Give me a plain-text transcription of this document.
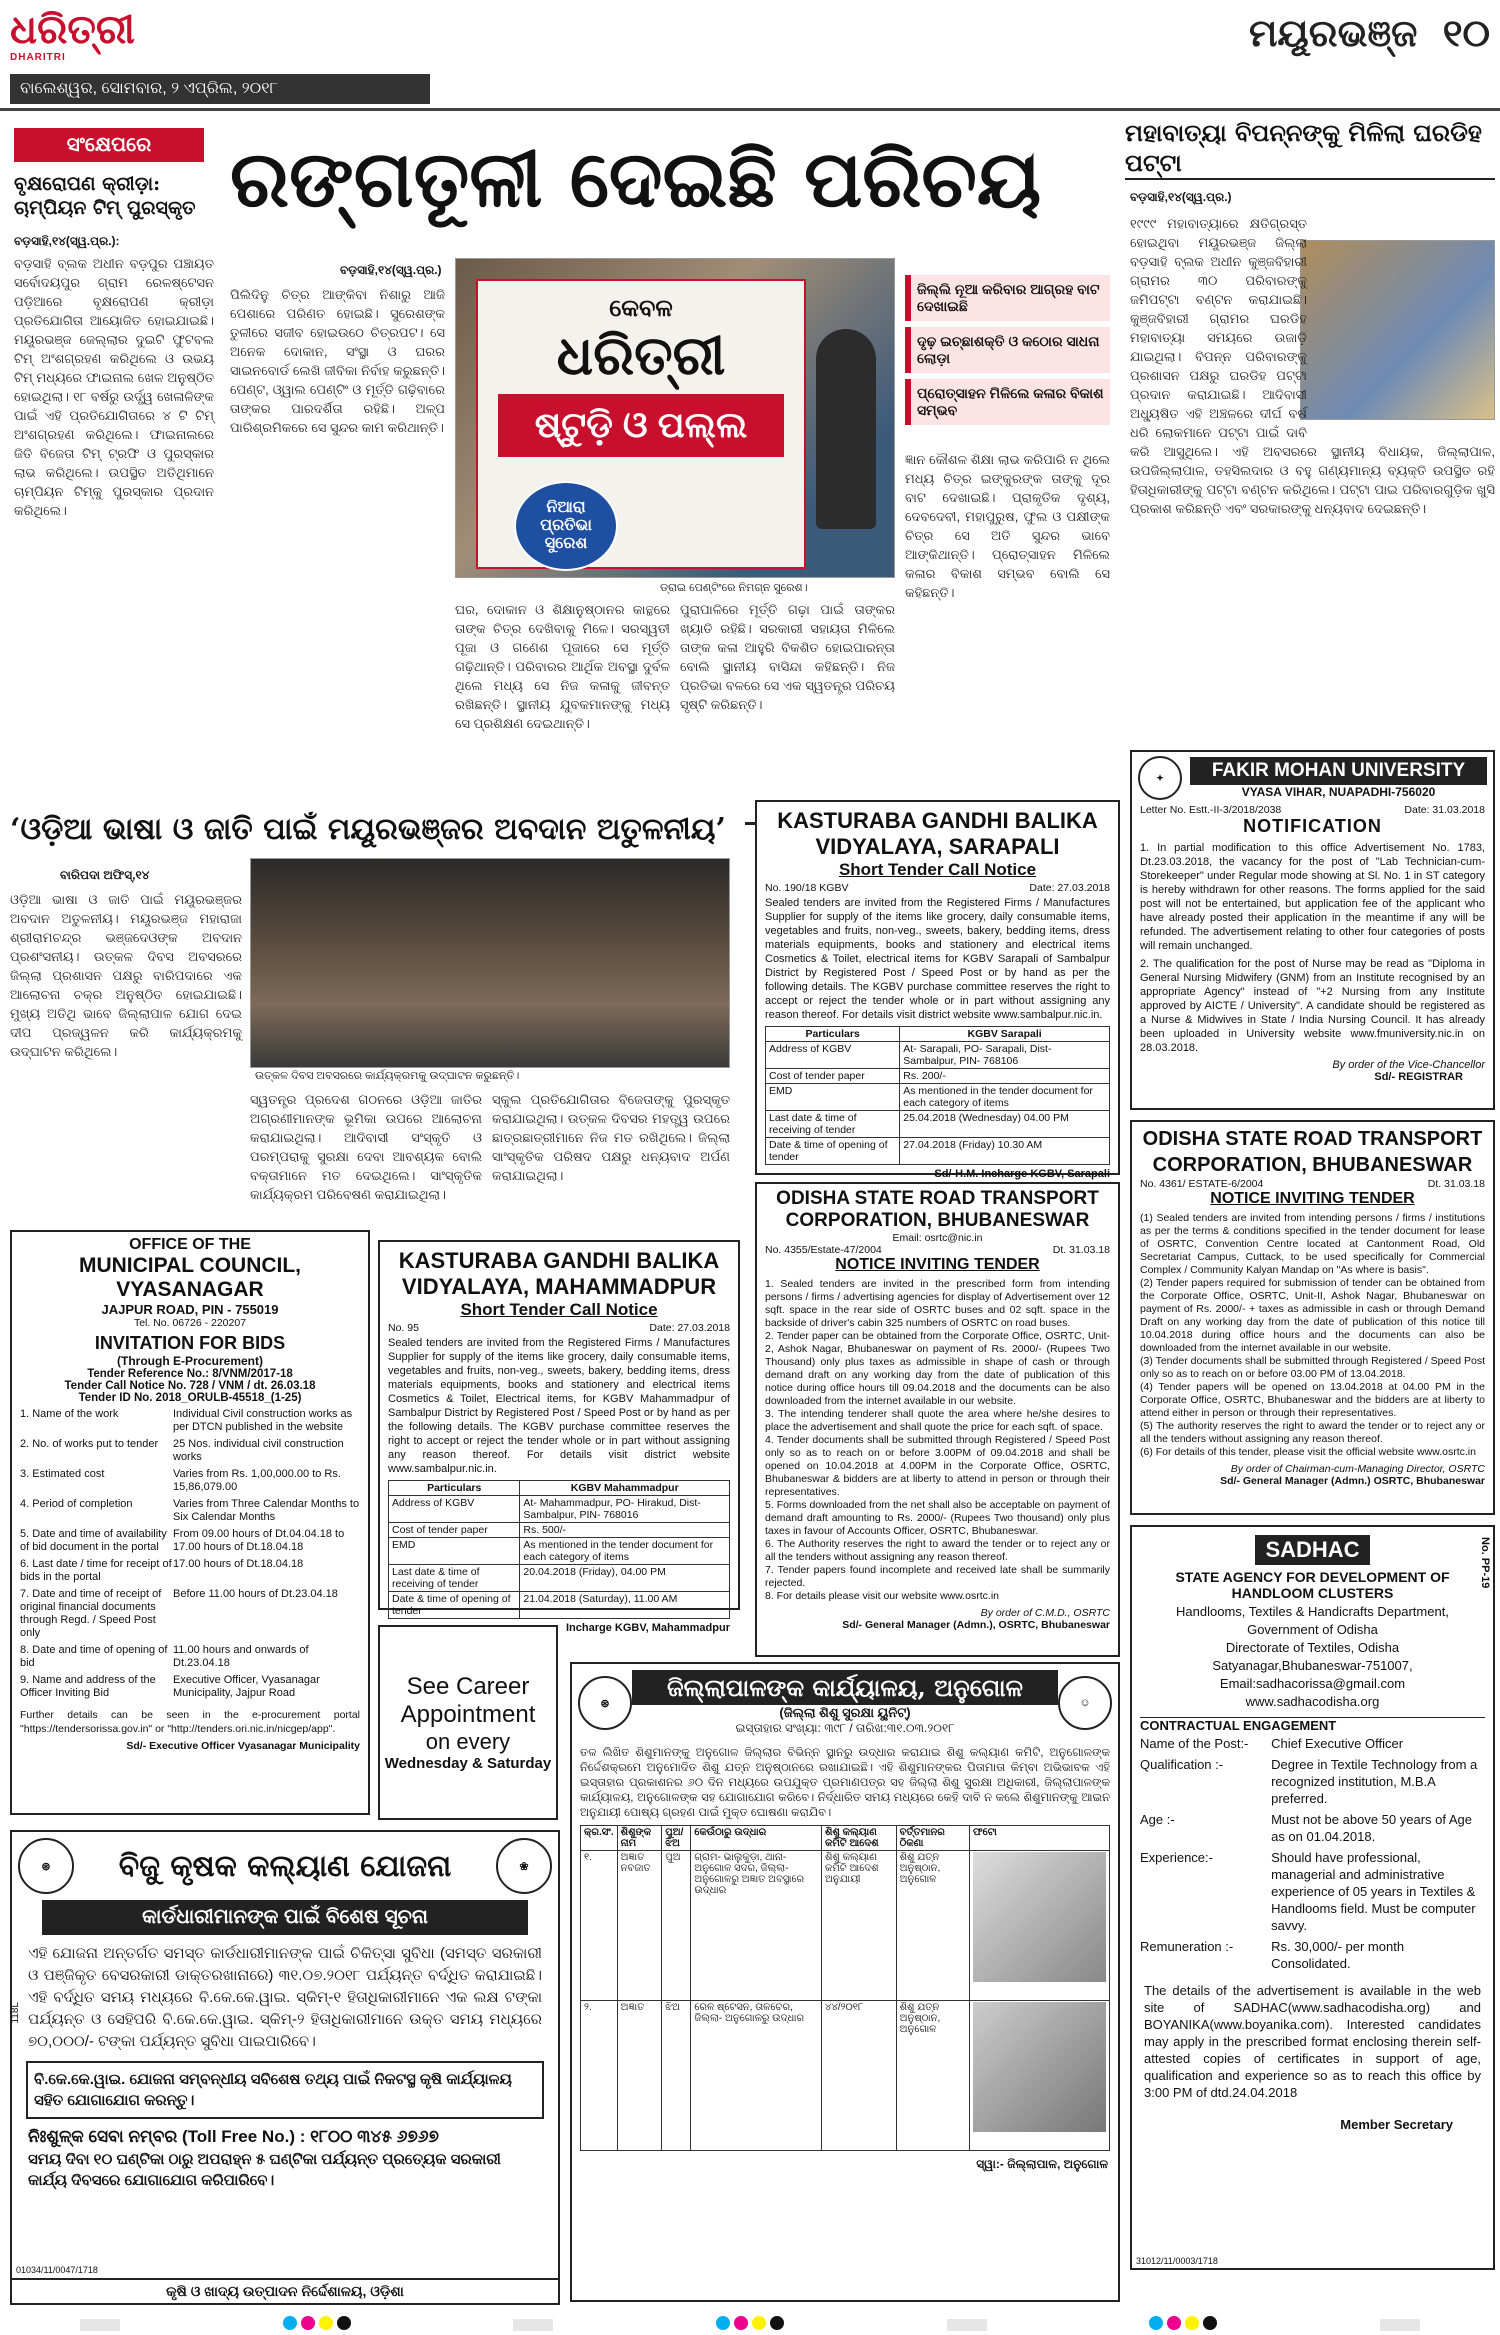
ଧରିତ୍ରୀ
DHARITRI
ବାଲେଶ୍ୱର, ସୋମବାର, ୨ ଏପ୍ରିଲ, ୨୦୧୮
ମୟୂରଭଞ୍ଜ ୧୦
ସଂକ୍ଷେପରେ
ବୃକ୍ଷରୋପଣ କ୍ରୀଡ଼ା: ଚାମ୍ପିୟନ ଟିମ୍ ପୁରସ୍କୃତ
ବଡ଼ସାହି,୧୪(ସ୍ୱ.ପ୍ର.):
ବଡ଼ସାହି ବ୍ଲକ ଅଧୀନ ବଡ଼ପୁର ପଞ୍ଚାୟତ ସର୍ବୋଦୟପୁର ଗ୍ରାମ ରେଳଷ୍ଟେସନ ପଡ଼ିଆରେ ବୃକ୍ଷରୋପଣ କ୍ରୀଡ଼ା ପ୍ରତିଯୋଗିତା ଆୟୋଜିତ ହୋଇଯାଇଛି। ମୟୂରଭଞ୍ଜ ଜେଲ୍ଲାର ଦୁଇଟି ଫୁଟବଲ ଟିମ୍ ଅଂଶଗ୍ରହଣ କରିଥିଲେ ଓ ଉଭୟ ଟିମ୍ ମଧ୍ୟରେ ଫାଇନାଲ ଖେଳ ଅନୁଷ୍ଠିତ ହୋଇଥିଲା। ୧୮ ବର୍ଷରୁ ଉର୍ଦ୍ଧ୍ୱ ଖେଳାଳିଙ୍କ ପାଇଁ ଏହି ପ୍ରତିଯୋଗିତାରେ ୪ ଟି ଟିମ୍ ଅଂଶଗ୍ରହଣ କରିଥିଲେ। ଫାଇନାଲରେ ଜିତି ବିଜେତା ଟିମ୍ ଟ୍ରଫି ଓ ପୁରସ୍କାର ଲାଭ କରିଥିଲେ। ଉପସ୍ଥିତ ଅତିଥିମାନେ ଚାମ୍ପିୟନ ଟିମ୍‌କୁ ପୁରସ୍କାର ପ୍ରଦାନ କରିଥିଲେ।
ରଙ୍ଗତୂଳୀ ଦେଇଛି ପରିଚୟ
ବଡ଼ସାହି,୧୪(ସ୍ୱ.ପ୍ର.)
ପିଲିଦିନୁ ଚିତ୍ର ଆଙ୍କିବା ନିଶାରୁ ଆଜି ପେଶାରେ ପରିଣତ ହୋଇଛି। ସୁରେଶଙ୍କ ତୁଳୀରେ ସଜୀବ ହୋଇଉଠେ ଚିତ୍ରପଟ। ସେ ଅନେକ ଦୋକାନ, ସଂସ୍ଥା ଓ ଘରର ସାଇନବୋର୍ଡ ଲେଖି ଜୀବିକା ନିର୍ବାହ କରୁଛନ୍ତି। ପେଣ୍ଟ, ଓ୍ୱାଲ ପେଣ୍ଟିଂ ଓ ମୂର୍ତ୍ତି ଗଢ଼ିବାରେ ତାଙ୍କର ପାରଦର୍ଶିତା ରହିଛି। ଅଳ୍ପ ପାରିଶ୍ରମିକରେ ସେ ସୁନ୍ଦର କାମ କରିଥାନ୍ତି।
କେବଳ
ଧରିତ୍ରୀ
ଷ୍ଟୁଡ଼ି ଓ ପଲ୍ଲ
ନିଆରା
ପ୍ରତିଭା
ସୁରେଶ
ଡ୍ରାଇ ପେଣ୍ଟିଂରେ ନିମଗ୍ନ ସୁରେଶ।
ଜିଲ୍ଲି ନୂଆ କରିବାର ଆଗ୍ରହ ବାଟ ଦେଖାଇଛି
ଦୃଢ଼ ଇଚ୍ଛାଶକ୍ତି ଓ କଠୋର ସାଧନା ଲୋଡ଼ା
ପ୍ରୋତ୍ସାହନ ମିଳିଲେ କଳାର ବିକାଶ ସମ୍ଭବ
ଜ୍ଞାନ କୌଶଳ ଶିକ୍ଷା ଲାଭ କରିପାରି ନ ଥିଲେ ମଧ୍ୟ ଚିତ୍ର ଇଙ୍କୁରଙ୍କ ତାଙ୍କୁ ଦୂର ବାଟ ଦେଖାଇଛି। ପ୍ରାକୃତିକ ଦୃଶ୍ୟ, ଦେବଦେବୀ, ମହାପୁରୁଷ, ଫୁଲ ଓ ପକ୍ଷୀଙ୍କ ଚିତ୍ର ସେ ଅତି ସୁନ୍ଦର ଭାବେ ଆଙ୍କିଥାନ୍ତି। ପ୍ରୋତ୍ସାହନ ମିଳିଲେ କଳାର ବିକାଶ ସମ୍ଭବ ବୋଲି ସେ କହିଛନ୍ତି।
ଘର, ଦୋକାନ ଓ ଶିକ୍ଷାନୁଷ୍ଠାନର କାନ୍ଥରେ ତାଙ୍କ ଚିତ୍ର ଦେଖିବାକୁ ମିଳେ। ସରସ୍ୱତୀ ପୂଜା ଓ ଗଣେଶ ପୂଜାରେ ସେ ମୂର୍ତ୍ତି ଗଢ଼ିଥାନ୍ତି। ପରିବାରର ଆର୍ଥିକ ଅବସ୍ଥା ଦୁର୍ବଳ ଥିଲେ ମଧ୍ୟ ସେ ନିଜ କଳାକୁ ଜୀବନ୍ତ ରଖିଛନ୍ତି। ସ୍ଥାନୀୟ ଯୁବକମାନଙ୍କୁ ମଧ୍ୟ ସେ ପ୍ରଶିକ୍ଷଣ ଦେଇଥାନ୍ତି।
ପୁରାପାଳିରେ ମୂର୍ତ୍ତି ଗଢ଼ା ପାଇଁ ତାଙ୍କର ଖ୍ୟାତି ରହିଛି। ସରକାରୀ ସହାୟତା ମିଳିଲେ ତାଙ୍କ କଳା ଆହୁରି ବିକଶିତ ହୋଇପାରନ୍ତା ବୋଲି ସ୍ଥାନୀୟ ବାସିନ୍ଦା କହିଛନ୍ତି। ନିଜ ପ୍ରତିଭା ବଳରେ ସେ ଏକ ସ୍ୱତନ୍ତ୍ର ପରିଚୟ ସୃଷ୍ଟି କରିଛନ୍ତି।
ମହାବାତ୍ୟା ବିପନ୍ନଙ୍କୁ ମିଳିଲା ଘରଡିହ ପଟ୍ଟା
ବଡ଼ସାହି,୧୪(ସ୍ୱ.ପ୍ର.)
୧୯୯୯ ମହାବାତ୍ୟାରେ କ୍ଷତିଗ୍ରସ୍ତ ହୋଇଥିବା ମୟୂରଭଞ୍ଜ ଜିଲ୍ଲା ବଡ଼ସାହି ବ୍ଲକ ଅଧୀନ କୁଞ୍ଜବିହାରୀ ଗ୍ରାମର ୩୦ ପରିବାରଙ୍କୁ ଜମିପଟ୍ଟା ବଣ୍ଟନ କରାଯାଇଛି। କୁଞ୍ଜବିହାରୀ ଗ୍ରାମର ଘରଡିହ ମହାବାତ୍ୟା ସମୟରେ ଉଜାଡ଼ି ଯାଇଥିଲା। ବିପନ୍ନ ପରିବାରଙ୍କୁ ପ୍ରଶାସନ ପକ୍ଷରୁ ଘରଡିହ ପଟ୍ଟା ପ୍ରଦାନ କରାଯାଇଛି। ଆଦିବାସୀ ଅଧ୍ୟୁଷିତ ଏହି ଅଞ୍ଚଳରେ ଦୀର୍ଘ ବର୍ଷ ଧରି ଲୋକମାନେ ପଟ୍ଟା ପାଇଁ ଦାବି କରି ଆସୁଥିଲେ। ଏହି ଅବସରରେ ସ୍ଥାନୀୟ ବିଧାୟକ, ଜିଲ୍ଲାପାଳ, ଉପଜିଲ୍ଲାପାଳ, ତହସିଲଦାର ଓ ବହୁ ଗଣ୍ୟମାନ୍ୟ ବ୍ୟକ୍ତି ଉପସ୍ଥିତ ରହି ହିତାଧିକାରୀଙ୍କୁ ପଟ୍ଟା ବଣ୍ଟନ କରିଥିଲେ। ପଟ୍ଟା ପାଇ ପରିବାରଗୁଡ଼ିକ ଖୁସି ପ୍ରକାଶ କରିଛନ୍ତି ଏବଂ ସରକାରଙ୍କୁ ଧନ୍ୟବାଦ ଦେଇଛନ୍ତି।
‘ଓଡ଼ିଆ ଭାଷା ଓ ଜାତି ପାଇଁ ମୟୂରଭଞ୍ଜର ଅବଦାନ ଅତୁଳନୀୟ’
ବାରିପଦା ଅଫିସ୍,୧୪
ଉତ୍କଳ ଦିବସ ଅବସରରେ କାର୍ଯ୍ୟକ୍ରମକୁ ଉଦ୍‌ଘାଟନ କରୁଛନ୍ତି।
ଓଡ଼ିଆ ଭାଷା ଓ ଜାତି ପାଇଁ ମୟୂରଭଞ୍ଜର ଅବଦାନ ଅତୁଳନୀୟ। ମୟୂରଭଞ୍ଜ ମହାରାଜା ଶ୍ରୀରାମଚନ୍ଦ୍ର ଭଞ୍ଜଦେଓଙ୍କ ଅବଦାନ ପ୍ରଶଂସନୀୟ। ଉତ୍କଳ ଦିବସ ଅବସରରେ ଜିଲ୍ଲା ପ୍ରଶାସନ ପକ୍ଷରୁ ବାରିପଦାରେ ଏକ ଆଲୋଚନା ଚକ୍ର ଅନୁଷ୍ଠିତ ହୋଇଯାଇଛି। ମୁଖ୍ୟ ଅତିଥି ଭାବେ ଜିଲ୍ଲାପାଳ ଯୋଗ ଦେଇ ଦୀପ ପ୍ରଜ୍ୱଳନ କରି କାର୍ଯ୍ୟକ୍ରମକୁ ଉଦ୍‌ଘାଟନ କରିଥିଲେ।
ସ୍ୱତନ୍ତ୍ର ପ୍ରଦେଶ ଗଠନରେ ଓଡ଼ିଆ ଜାତିର ଅଗ୍ରଣୀମାନଙ୍କ ଭୂମିକା ଉପରେ ଆଲୋଚନା କରାଯାଇଥିଲା। ଆଦିବାସୀ ସଂସ୍କୃତି ଓ ପରମ୍ପରାକୁ ସୁରକ୍ଷା ଦେବା ଆବଶ୍ୟକ ବୋଲି ବକ୍ତାମାନେ ମତ ଦେଇଥିଲେ। ସାଂସ୍କୃତିକ କାର୍ଯ୍ୟକ୍ରମ ପରିବେଷଣ କରାଯାଇଥିଲା।
ସ୍କୁଲ ପ୍ରତିଯୋଗିତାର ବିଜେତାଙ୍କୁ ପୁରସ୍କୃତ କରାଯାଇଥିଲା। ଉତ୍କଳ ଦିବସର ମହତ୍ତ୍ୱ ଉପରେ ଛାତ୍ରଛାତ୍ରୀମାନେ ନିଜ ମତ ରଖିଥିଲେ। ଜିଲ୍ଲା ସାଂସ୍କୃତିକ ପରିଷଦ ପକ୍ଷରୁ ଧନ୍ୟବାଦ ଅର୍ପଣ କରାଯାଇଥିଲା।
KASTURABA GANDHI BALIKA VIDYALAYA, SARAPALI
Short Tender Call Notice
No. 190/18 KGBV	Date: 27.03.2018
Sealed tenders are invited from the Registered Firms / Manufactures Supplier for supply of the items like grocery, daily consumable items, vegetables and fruits, non-veg., sweets, bakery, bedding items, dress materials equipments, books and stationery and electrical items Cosmetics & Toilet, electrical items for KGBV Sarapali of Sambalpur District by Registered Post / Speed Post or by hand as per the following details. The KGBV purchase committee reserves the right to accept or reject the tender whole or in part without assigning any reason thereof. For details visit district website www.sambalpur.nic.in.
Particulars	KGBV Sarapali
Address of KGBV	At- Sarapali, PO- Sarapali, Dist- Sambalpur, PIN- 768106
Cost of tender paper	Rs. 200/-
EMD	As mentioned in the tender document for each category of items
Last date & time of receiving of tender	25.04.2018 (Wednesday) 04.00 PM
Date & time of opening of tender	27.04.2018 (Friday) 10.30 AM
Sd/-H.M. Incharge KGBV, Sarapali
✦	FAKIR MOHAN UNIVERSITY
VYASA VIHAR, NUAPADHI-756020
Letter No. Estt.-II-3/2018/2038	Date: 31.03.2018
NOTIFICATION
1. In partial modification to this office Advertisement No. 1783, Dt.23.03.2018, the vacancy for the post of "Lab Technician-cum-Storekeeper" under Regular mode showing at Sl. No. 1 in ST category is hereby withdrawn for other reasons. The forms applied for the said post will not be entertained, but application fee of the applicant who have already posted their application in the meantime if any will be refunded. The advertisement relating to other four categories of posts will remain unchanged.
2. The qualification for the post of Nurse may be read as "Diploma in General Nursing Midwifery (GNM) from an Institute recognised by an appropriate Agency" instead of "+2 Nursing from any Institute approved by AICTE / University". A candidate should be registered as a Nurse & Midwives in State / India Nursing Council. It has already been uploaded in University website www.fmuniversity.nic.in on 28.03.2018.
By order of the Vice-Chancellor
Sd/- REGISTRAR
ODISHA STATE ROAD TRANSPORT CORPORATION, BHUBANESWAR
No. 4361/ ESTATE-6/2004	Dt. 31.03.18
NOTICE INVITING TENDER
(1) Sealed tenders are invited from intending persons / firms / institutions as per the terms & conditions specified in the tender document for lease of OSRTC, Convention Centre located at Cantonment Road, Old Secretariat Campus, Cuttack, to be used specifically for Commercial Complex / Community Kalyan Mandap on "As where is basis".
(2) Tender papers required for submission of tender can be obtained from the Corporate Office, OSRTC, Unit-II, Ashok Nagar, Bhubaneswar on payment of Rs. 2000/- + taxes as admissible in cash or through Demand Draft on any working day from the date of publication of this notice till 10.04.2018 during office hours and the documents can also be downloaded from the internet available in our website.
(3) Tender documents shall be submitted through Registered / Speed Post only so as to reach on or before 03.00 PM of 13.04.2018.
(4) Tender papers will be opened on 13.04.2018 at 04.00 PM in the Corporate Office, OSRTC, Bhubaneswar and the bidders are at liberty to attend either in person or through their representatives.
(5) The authority reserves the right to award the tender or to reject any or all the tenders without assigning any reason thereof.
(6) For details of this tender, please visit the official website www.osrtc.in
By order of Chairman-cum-Managing Director, OSRTC
Sd/- General Manager (Admn.) OSRTC, Bhubaneswar
OFFICE OF THE
MUNICIPAL COUNCIL, VYASANAGAR
JAJPUR ROAD, PIN - 755019
Tel. No. 06726 - 220207
INVITATION FOR BIDS
(Through E-Procurement)
Tender Reference No.: 8/VNM/2017-18
Tender Call Notice No. 728 / VNM / dt. 26.03.18
Tender ID No. 2018_ORULB-45518_(1-25)
1. Name of the work	Individual Civil construction works as per DTCN published in the website
2. No. of works put to tender	25 Nos. individual civil construction works
3. Estimated cost	Varies from Rs. 1,00,000.00 to Rs. 15,86,079.00
4. Period of completion	Varies from Three Calendar Months to Six Calendar Months
5. Date and time of availability of bid document in the portal
From 09.00 hours of Dt.04.04.18 to 17.00 hours of Dt.18.04.18
6. Last date / time for receipt of bids in the portal
17.00 hours of Dt.18.04.18
7. Date and time of receipt of original financial documents through Regd. / Speed Post only
Before 11.00 hours of Dt.23.04.18
8. Date and time of opening of bid
11.00 hours and onwards of Dt.23.04.18
9. Name and address of the Officer Inviting Bid
Executive Officer, Vyasanagar Municipality, Jajpur Road
Further details can be seen in the e-procurement portal "https://tendersorissa.gov.in" or "http://tenders.ori.nic.in/nicgep/app".
Sd/- Executive Officer Vyasanagar Municipality
KASTURABA GANDHI BALIKA VIDYALAYA, MAHAMMADPUR
Short Tender Call Notice
No. 95	Date: 27.03.2018
Sealed tenders are invited from the Registered Firms / Manufactures Supplier for supply of the items like grocery, daily consumable items, vegetables and fruits, non-veg., sweets, bakery, bedding items, dress materials equipments, books and stationery and electrical items Cosmetics & Toilet, Electrical items, for KGBV Mahammadpur of Sambalpur District by Registered Post / Speed Post or by hand as per the following details. The KGBV purchase committee reserves the right to accept or reject the tender whole or in part without assigning any reason thereof. For details visit district website www.sambalpur.nic.in.
Particulars	KGBV Mahammadpur
Address of KGBV	At- Mahammadpur, PO- Hirakud, Dist- Sambalpur, PIN- 768016
Cost of tender paper	Rs. 500/-
EMD	As mentioned in the tender document for each category of items
Last date & time of receiving of tender	20.04.2018 (Friday), 04.00 PM
Date & time of opening of tender	21.04.2018 (Saturday), 11.00 AM
Incharge KGBV, Mahammadpur
ODISHA STATE ROAD TRANSPORT CORPORATION, BHUBANESWAR
Email: osrtc@nic.in
No. 4355/Estate-47/2004	Dt. 31.03.18
NOTICE INVITING TENDER
1. Sealed tenders are invited in the prescribed form from intending persons / firms / advertising agencies for display of Advertisement over 12 sqft. space in the rear side of OSRTC buses and 02 sqft. space in the backside of driver's cabin 325 numbers of OSRTC on road buses.
2. Tender paper can be obtained from the Corporate Office, OSRTC, Unit-2, Ashok Nagar, Bhubaneswar on payment of Rs. 2000/- (Rupees Two Thousand) only plus taxes as admissible in shape of cash or through demand draft on any working day from the date of publication of this notice during office hours till 09.04.2018 and the documents can be also downloaded from the internet available in our website.
3. The intending tenderer shall quote the area where he/she desires to place the advertisement and shall quote the price for each sqft. of space.
4. Tender documents shall be submitted through Registered / Speed Post only so as to reach on or before 3.00PM of 09.04.2018 and shall be opened on 10.04.2018 at 4.00PM in the Corporate Office, OSRTC, Bhubaneswar & bidders are at liberty to attend in person or through their representatives.
5. Forms downloaded from the net shall also be acceptable on payment of demand draft amounting to Rs. 2000/- (Rupees Two thousand) only plus taxes in favour of Accounts Officer, OSRTC, Bhubaneswar.
6. The Authority reserves the right to award the tender or to reject any or all the tenders without assigning any reason thereof.
7. Tender papers found incomplete and received late shall be summarily rejected.
8. For details please visit our website www.osrtc.in
By order of C.M.D., OSRTC
Sd/- General Manager (Admn.), OSRTC, Bhubaneswar
See Career
Appointment
on every
Wednesday & Saturday
⊛
ଜିଲ୍ଲାପାଳଙ୍କ କାର୍ଯ୍ୟାଳୟ, ଅନୁଗୋଳ
(ଜିଲ୍ଲା ଶିଶୁ ସୁରକ୍ଷା ୟୁନିଟ୍)
ଇସ୍ତାହାର ସଂଖ୍ୟା: ୩୯୮ / ତାରିଖ:୩୧.୦୩.୨୦୧୮
☺
ତଳ ଲିଖିତ ଶିଶୁମାନଙ୍କୁ ଅନୁଗୋଳ ଜିଲ୍ଲାର ବିଭିନ୍ନ ସ୍ଥାନରୁ ଉଦ୍ଧାର କରାଯାଇ ଶିଶୁ କଲ୍ୟାଣ କମିଟି, ଅନୁଗୋଳଙ୍କ ନିର୍ଦ୍ଦେଶକ୍ରମେ ଅନୁମୋଦିତ ଶିଶୁ ଯତ୍ନ ଅନୁଷ୍ଠାନରେ ରଖାଯାଇଛି। ଏହି ଶିଶୁମାନଙ୍କର ପିତାମାତା କିମ୍ବା ଅଭିଭାବକ ଏହି ଇସ୍ତାହାର ପ୍ରକାଶନର ୬୦ ଦିନ ମଧ୍ୟରେ ଉପଯୁକ୍ତ ପ୍ରମାଣପତ୍ର ସହ ଜିଲ୍ଲା ଶିଶୁ ସୁରକ୍ଷା ଅଧିକାରୀ, ଜିଲ୍ଲାପାଳଙ୍କ କାର୍ଯ୍ୟାଳୟ, ଅନୁଗୋଳଙ୍କ ସହ ଯୋଗାଯୋଗ କରିବେ। ନିର୍ଦ୍ଧାରିତ ସମୟ ମଧ୍ୟରେ କେହି ଦାବି ନ କଲେ ଶିଶୁମାନଙ୍କୁ ଆଇନ ଅନୁଯାୟୀ ପୋଷ୍ୟ ଗ୍ରହଣ ପାଇଁ ମୁକ୍ତ ଘୋଷଣା କରାଯିବ।
କ୍ର.ସଂ.	ଶିଶୁଙ୍କ ନାମ	ପୁଅ/ଝିଅ	କେଉଁଠାରୁ ଉଦ୍ଧାର	ଶିଶୁ କଲ୍ୟାଣ କମିଟି ଆଦେଶ	ବର୍ତ୍ତମାନର ଠିକଣା	ଫଟୋ
୧.	ଅଜ୍ଞାତ ନବଜାତ	ପୁଅ	ଗ୍ରାମ- ଭାଲୁକୁଡ଼ା, ଥାନା- ଅନୁଗୋଳ ସଦର, ଜିଲ୍ଲା- ଅନୁଗୋଳରୁ ଅଜ୍ଞାତ ଅବସ୍ଥାରେ ଉଦ୍ଧାର	ଶିଶୁ କଲ୍ୟାଣ କମିଟି ଆଦେଶ ଅନୁଯାୟୀ	ଶିଶୁ ଯତ୍ନ ଅନୁଷ୍ଠାନ, ଅନୁଗୋଳ	

୨.	ଅଜ୍ଞାତ	ଝିଅ	ରେଳ ଷ୍ଟେସନ, ତାଳଚେର, ଜିଲ୍ଲା- ଅନୁଗୋଳରୁ ଉଦ୍ଧାର	୪୪/୨୦୧୮	ଶିଶୁ ଯତ୍ନ ଅନୁଷ୍ଠାନ, ଅନୁଗୋଳ	
ସ୍ୱା:- ଜିଲ୍ଲାପାଳ, ଅନୁଗୋଳ
⊛	ବିଜୁ କୃଷକ କଲ୍ୟାଣ ଯୋଜନା	❀
କାର୍ଡଧାରୀମାନଙ୍କ ପାଇଁ ବିଶେଷ ସୂଚନା
ଏହି ଯୋଜନା ଅନ୍ତର୍ଗତ ସମସ୍ତ କାର୍ଡଧାରୀମାନଙ୍କ ପାଇଁ ଚିକିତ୍ସା ସୁବିଧା (ସମସ୍ତ ସରକାରୀ ଓ ପଞ୍ଜିକୃତ ବେସରକାରୀ ଡାକ୍ତରଖାନାରେ) ୩୧.୦୭.୨୦୧୮ ପର୍ଯ୍ୟନ୍ତ ବର୍ଦ୍ଧିତ କରାଯାଇଛି। ଏହି ବର୍ଦ୍ଧିତ ସମୟ ମଧ୍ୟରେ ବି.କେ.କେ.ୱାଇ. ସ୍କିମ୍-୧ ହିତାଧିକାରୀମାନେ ଏକ ଲକ୍ଷ ଟଙ୍କା ପର୍ଯ୍ୟନ୍ତ ଓ ସେହିପରି ବି.କେ.କେ.ୱାଇ. ସ୍କିମ୍-୨ ହିତାଧିକାରୀମାନେ ଉକ୍ତ ସମୟ ମଧ୍ୟରେ ୭୦,୦୦୦/- ଟଙ୍କା ପର୍ଯ୍ୟନ୍ତ ସୁବିଧା ପାଇପାରିବେ।
ବି.କେ.କେ.ୱାଇ. ଯୋଜନା ସମ୍ବନ୍ଧୀୟ ସବିଶେଷ ତଥ୍ୟ ପାଇଁ ନିକଟସ୍ଥ କୃଷି କାର୍ଯ୍ୟାଳୟ ସହିତ ଯୋଗାଯୋଗ କରନ୍ତୁ।
ନିଃଶୁଳ୍କ ସେବା ନମ୍ବର (Toll Free No.) : ୧୮୦୦ ୩୪୫ ୬୭୬୭
ସମୟ ଦିବା ୧୦ ଘଣ୍ଟିକା ଠାରୁ ଅପରାହ୍ନ ୫ ଘଣ୍ଟିକା ପର୍ଯ୍ୟନ୍ତ ପ୍ରତ୍ୟେକ ସରକାରୀ କାର୍ଯ୍ୟ ଦିବସରେ ଯୋଗାଯୋଗ କରିପାରିବେ।
01034/11/0047/1718
118L
କୃଷି ଓ ଖାଦ୍ୟ ଉତ୍ପାଦନ ନିର୍ଦ୍ଦେଶାଳୟ, ଓଡ଼ିଶା
SADHAC	No. PP-19
STATE AGENCY FOR DEVELOPMENT OF HANDLOOM CLUSTERS
Handlooms, Textiles & Handicrafts Department,
Government of Odisha
Directorate of Textiles, Odisha
Satyanagar,Bhubaneswar-751007,
Email:sadhacorissa@gmail.com
www.sadhacodisha.org
CONTRACTUAL ENGAGEMENT
Name of the Post:-	Chief Executive Officer
Qualification :-	Degree in Textile Technology from a recognized institution, M.B.A preferred.
Age :-	Must not be above 50 years of Age as on 01.04.2018.
Experience:-	Should have professional, managerial and administrative experience of 05 years in Textiles & Handlooms field. Must be computer savvy.
Remuneration :-	Rs. 30,000/- per month Consolidated.
The details of the advertisement is available in the web site of SADHAC(www.sadhacodisha.org) and BOYANIKA(www.boyanika.com). Interested candidates may apply in the prescribed format enclosing therein self- attested copies of certificates in support of age, qualification and experience so as to reach this office by 3:00 PM of dtd.24.04.2018
Member Secretary
31012/11/0003/1718
